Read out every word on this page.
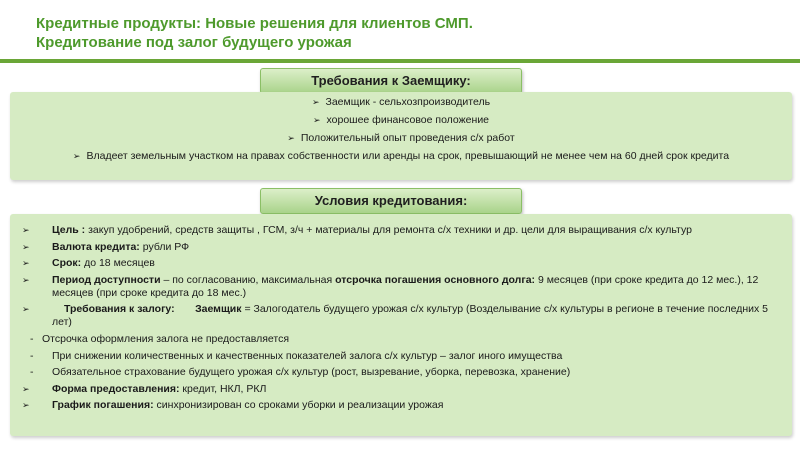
Кредитные продукты: Новые решения для клиентов СМП.
Кредитование под залог будущего урожая
Требования к Заемщику:
➢ Заемщик - сельхозпроизводитель
➢ хорошее финансовое положение
➢ Положительный опыт проведения с/х работ
➢ Владеет земельным участком на правах собственности или аренды на срок, превышающий не менее чем на 60 дней срок кредита
Условия кредитования:
➢ Цель : закуп удобрений, средств защиты , ГСМ, з/ч + материалы для ремонта с/х техники и др. цели для выращивания с/х культур
➢ Валюта кредита: рубли РФ
➢ Срок: до 18 месяцев
➢ Период доступности – по согласованию, максимальная отсрочка погашения основного долга: 9 месяцев (при сроке кредита до 12 мес.), 12 месяцев (при сроке кредита до 18 мес.)
➢	Требования к залогу: Заемщик = Залогодатель будущего урожая с/х культур (Возделывание с/х культуры в регионе в течение последних 5 лет)
- Отсрочка оформления залога не предоставляется
- При снижении количественных и качественных показателей залога с/х культур – залог иного имущества
- Обязательное страхование будущего урожая с/х культур (рост, вызревание, уборка, перевозка, хранение)
➢ Форма предоставления: кредит, НКЛ, РКЛ
➢ График погашения: синхронизирован со сроками уборки и реализации урожая
